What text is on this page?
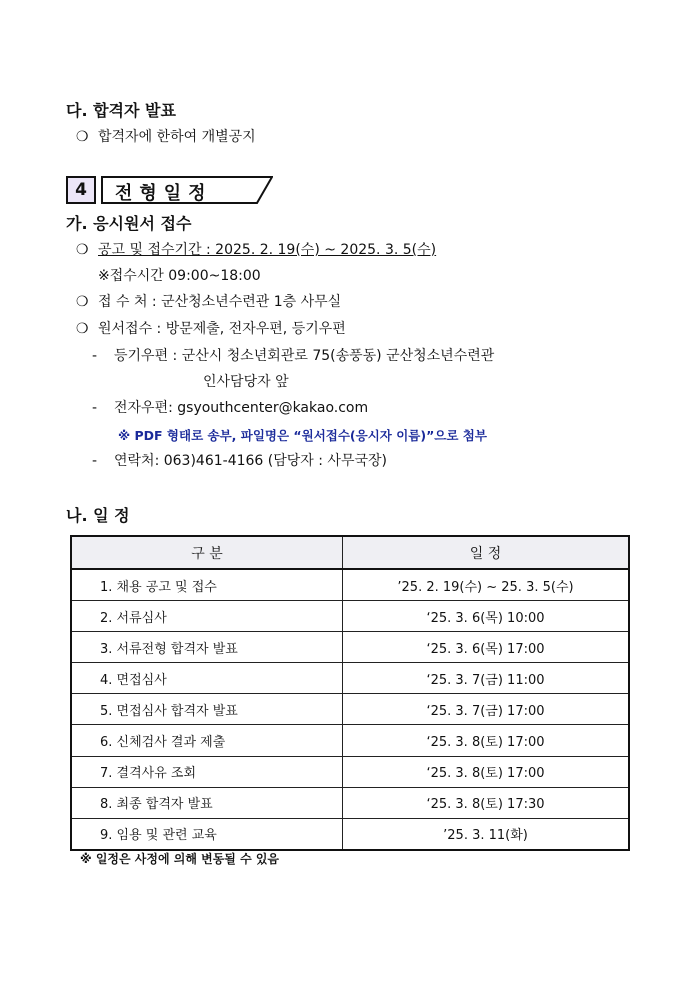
다. 합격자 발표
❍ 합격자에 한하여 개별공지
4	전형일정
가. 응시원서 접수
❍ 공고 및 접수기간 : 2025. 2. 19(수) ~ 2025. 3. 5(수)
※접수시간 09:00~18:00
❍ 접 수 처 : 군산청소년수련관 1층 사무실
❍ 원서접수 : 방문제출, 전자우편, 등기우편
- 등기우편 : 군산시 청소년회관로 75(송풍동) 군산청소년수련관
인사담당자 앞
- 전자우편: gsyouthcenter@kakao.com
※ PDF 형태로 송부, 파일명은 “원서접수(응시자 이름)”으로 첨부
- 연락처: 063)461-4166 (담당자 : 사무국장)
나. 일 정
구 분	일 정
1. 채용 공고 및 접수	’25. 2. 19(수) ~ 25. 3. 5(수)
2. 서류심사	‘25. 3. 6(목) 10:00
3. 서류전형 합격자 발표	‘25. 3. 6(목) 17:00
4. 면접심사	‘25. 3. 7(금) 11:00
5. 면접심사 합격자 발표	‘25. 3. 7(금) 17:00
6. 신체검사 결과 제출	‘25. 3. 8(토) 17:00
7. 결격사유 조회	‘25. 3. 8(토) 17:00
8. 최종 합격자 발표	‘25. 3. 8(토) 17:30
9. 임용 및 관련 교육	’25. 3. 11(화)
※ 일정은 사정에 의해 변동될 수 있음
